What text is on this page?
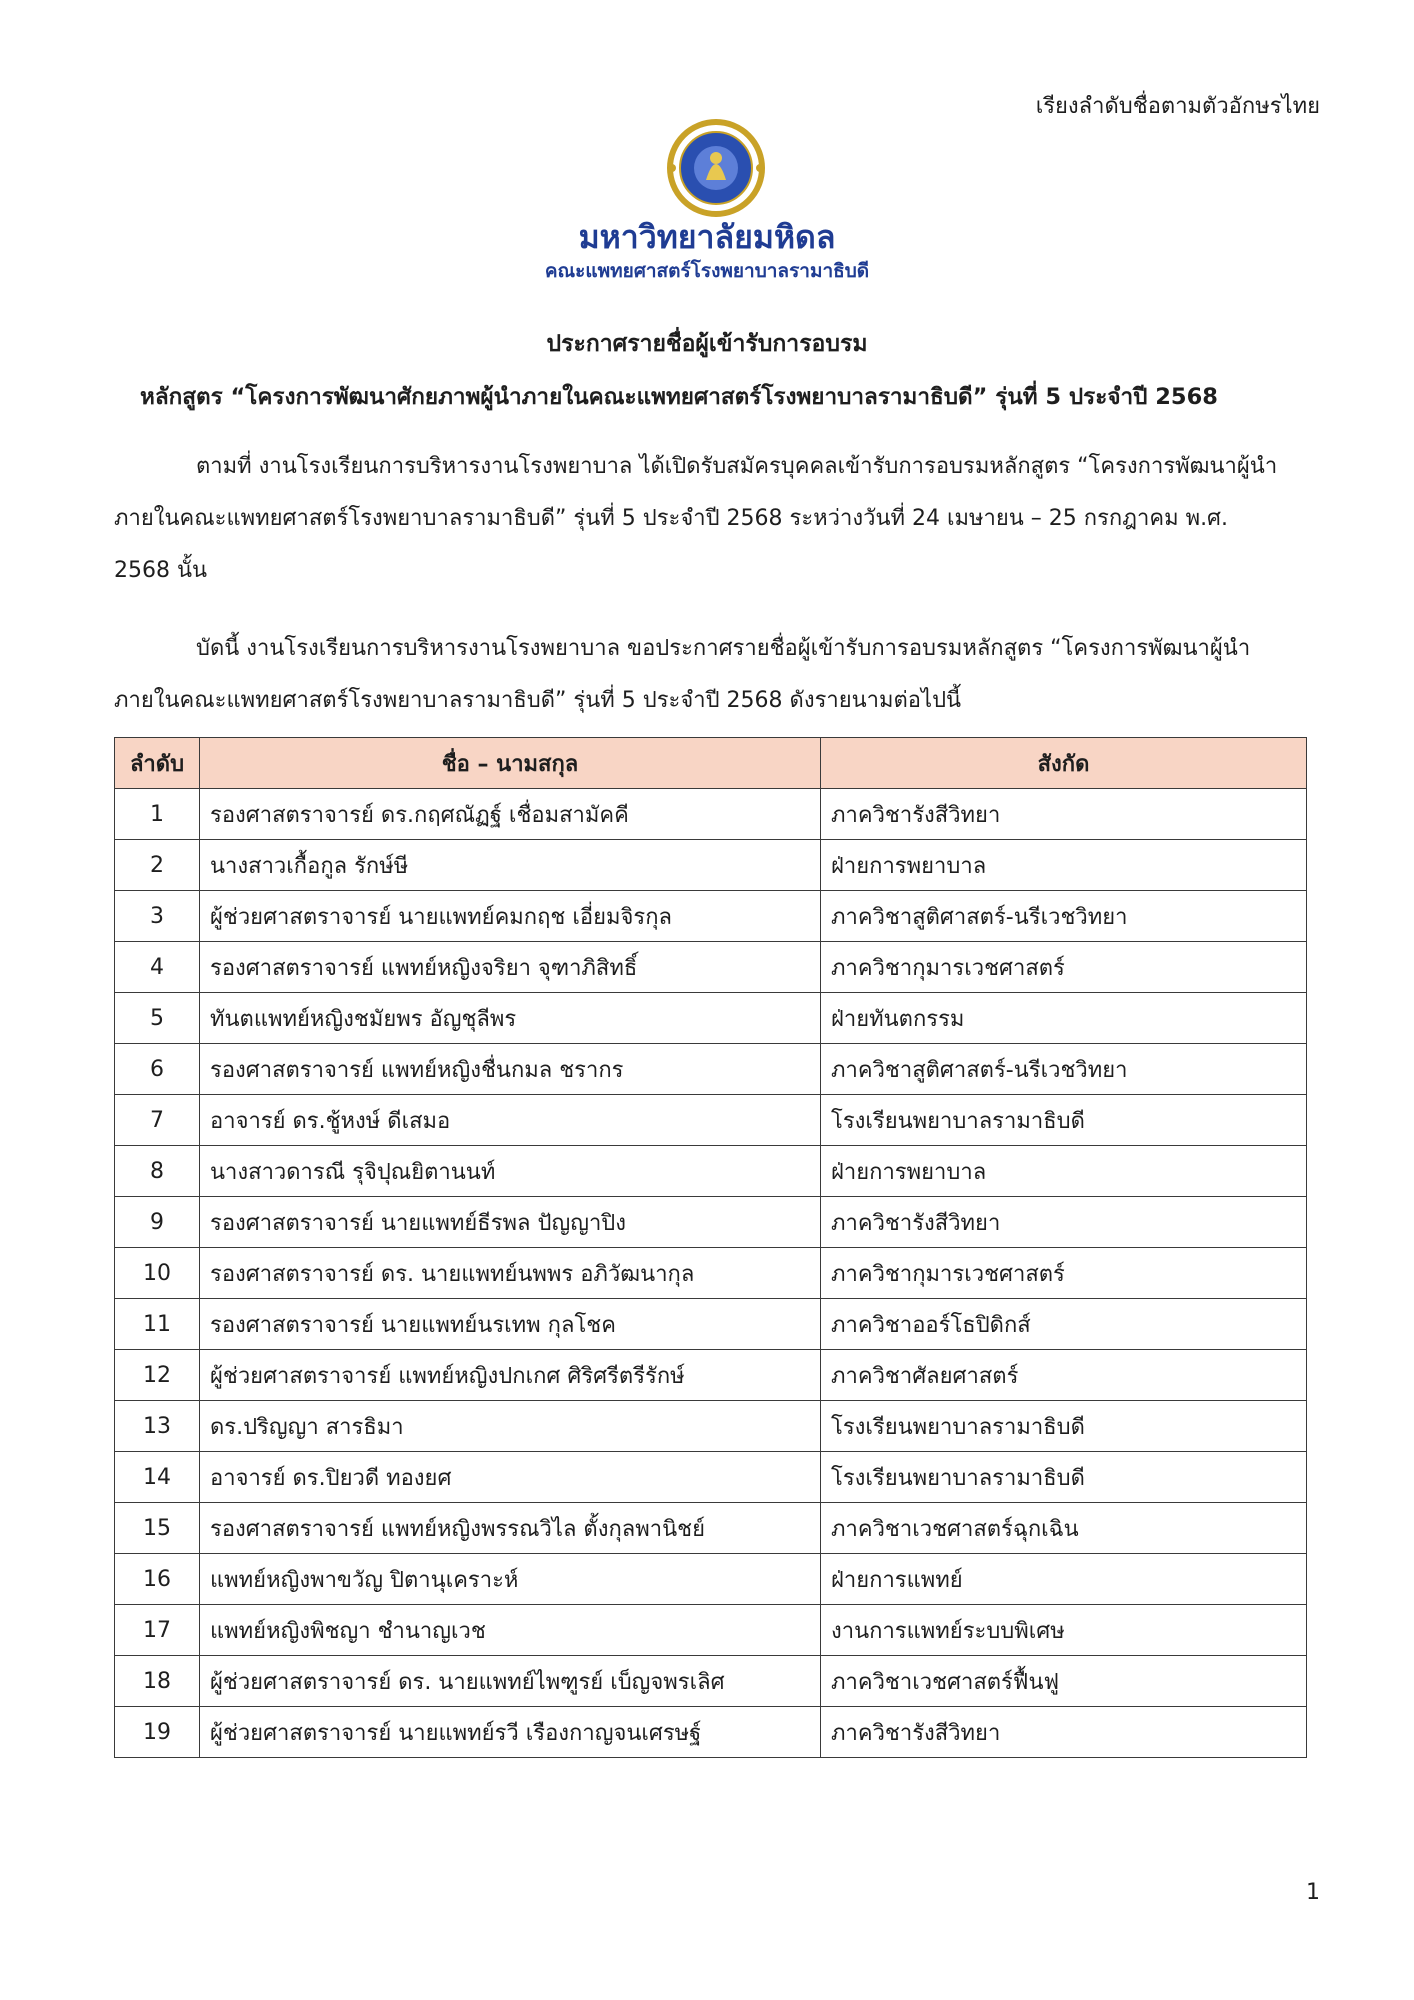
เรียงลำดับชื่อตามตัวอักษรไทย
มหาวิทยาลัยมหิดล
คณะแพทยศาสตร์โรงพยาบาลรามาธิบดี
ประกาศรายชื่อผู้เข้ารับการอบรม
หลักสูตร “โครงการพัฒนาศักยภาพผู้นำภายในคณะแพทยศาสตร์โรงพยาบาลรามาธิบดี” รุ่นที่ 5 ประจำปี 2568
ตามที่ งานโรงเรียนการบริหารงานโรงพยาบาล ได้เปิดรับสมัครบุคคลเข้ารับการอบรมหลักสูตร “โครงการพัฒนาผู้นำภายในคณะแพทยศาสตร์โรงพยาบาลรามาธิบดี” รุ่นที่ 5 ประจำปี 2568 ระหว่างวันที่ 24 เมษายน – 25 กรกฎาคม พ.ศ. 2568 นั้น
บัดนี้ งานโรงเรียนการบริหารงานโรงพยาบาล ขอประกาศรายชื่อผู้เข้ารับการอบรมหลักสูตร “โครงการพัฒนาผู้นำภายในคณะแพทยศาสตร์โรงพยาบาลรามาธิบดี” รุ่นที่ 5 ประจำปี 2568 ดังรายนามต่อไปนี้
ลำดับ	ชื่อ – นามสกุล	สังกัด
1	รองศาสตราจารย์ ดร.กฤศณัฏฐ์ เชื่อมสามัคคี	ภาควิชารังสีวิทยา
2	นางสาวเกื้อกูล รักษ์ษี	ฝ่ายการพยาบาล
3	ผู้ช่วยศาสตราจารย์ นายแพทย์คมกฤช เอี่ยมจิรกุล	ภาควิชาสูติศาสตร์-นรีเวชวิทยา
4	รองศาสตราจารย์ แพทย์หญิงจริยา จุฑาภิสิทธิ์	ภาควิชากุมารเวชศาสตร์
5	ทันตแพทย์หญิงชมัยพร อัญชุลีพร	ฝ่ายทันตกรรม
6	รองศาสตราจารย์ แพทย์หญิงชื่นกมล ชรากร	ภาควิชาสูติศาสตร์-นรีเวชวิทยา
7	อาจารย์ ดร.ชู้หงษ์ ดีเสมอ	โรงเรียนพยาบาลรามาธิบดี
8	นางสาวดารณี รุจิปุณยิตานนท์	ฝ่ายการพยาบาล
9	รองศาสตราจารย์ นายแพทย์ธีรพล ปัญญาปิง	ภาควิชารังสีวิทยา
10	รองศาสตราจารย์ ดร. นายแพทย์นพพร อภิวัฒนากุล	ภาควิชากุมารเวชศาสตร์
11	รองศาสตราจารย์ นายแพทย์นรเทพ กุลโชค	ภาควิชาออร์โธปิดิกส์
12	ผู้ช่วยศาสตราจารย์ แพทย์หญิงปกเกศ ศิริศรีตรีรักษ์	ภาควิชาศัลยศาสตร์
13	ดร.ปริญญา สารธิมา	โรงเรียนพยาบาลรามาธิบดี
14	อาจารย์ ดร.ปิยวดี ทองยศ	โรงเรียนพยาบาลรามาธิบดี
15	รองศาสตราจารย์ แพทย์หญิงพรรณวิไล ตั้งกุลพานิชย์	ภาควิชาเวชศาสตร์ฉุกเฉิน
16	แพทย์หญิงพาขวัญ ปิตานุเคราะห์	ฝ่ายการแพทย์
17	แพทย์หญิงพิชญา ชำนาญเวช	งานการแพทย์ระบบพิเศษ
18	ผู้ช่วยศาสตราจารย์ ดร. นายแพทย์ไพฑูรย์ เบ็ญจพรเลิศ	ภาควิชาเวชศาสตร์ฟื้นฟู
19	ผู้ช่วยศาสตราจารย์ นายแพทย์รวี เรืองกาญจนเศรษฐ์	ภาควิชารังสีวิทยา
1
